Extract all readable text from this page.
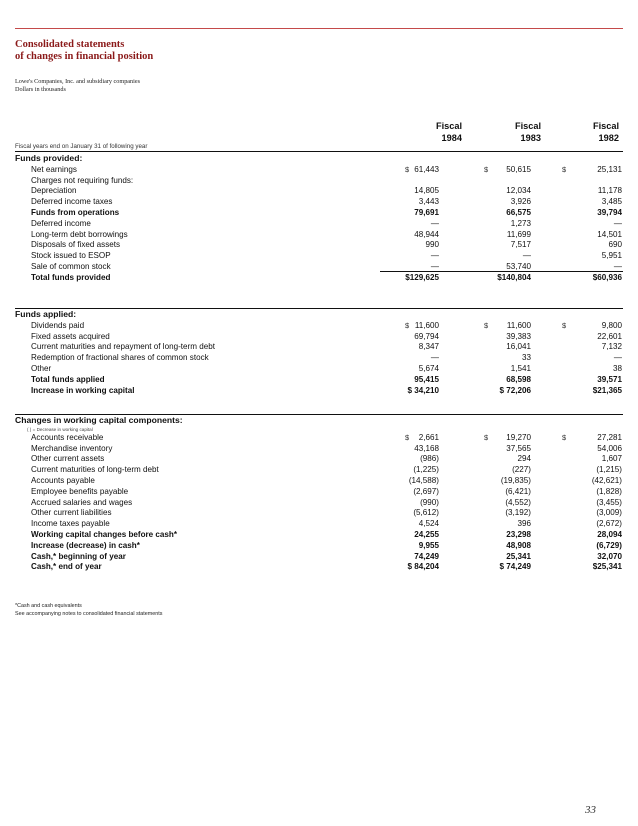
Consolidated statements
of changes in financial position
Lowe's Companies, Inc. and subsidiary companies
Dollars in thousands
Fiscal
1984
Fiscal
1983
Fiscal
1982
Fiscal years end on January 31 of following year
Funds provided:
Net earnings	$ 61,443	$	50,615	$	25,131
Charges not requiring funds:
Depreciation	14,805	12,034	11,178
Deferred income taxes	3,443	3,926	3,485
Funds from operations	79,691	66,575	39,794
Deferred income	—	1,273	—
Long-term debt borrowings	48,944	11,699	14,501
Disposals of fixed assets	990	7,517	690
Stock issued to ESOP	—	—	5,951
Sale of common stock	—	53,740	—
Total funds provided	$129,625	$140,804	$60,936
Funds applied:
Dividends paid	$ 11,600	$	11,600	$	9,800
Fixed assets acquired	69,794	39,383	22,601
Current maturities and repayment of long-term debt	8,347	16,041	7,132
Redemption of fractional shares of common stock	—	33	—
Other	5,674	1,541	38
Total funds applied	95,415	68,598	39,571
Increase in working capital	$ 34,210	$ 72,206	$21,365
Changes in working capital components:
Accounts receivable	$	2,661	$	19,270	$	27,281
Merchandise inventory	43,168	37,565	54,006
Other current assets	(986)	294	1,607
Current maturities of long-term debt	(1,225)	(227)	(1,215)
Accounts payable	(14,588)	(19,835)	(42,621)
Employee benefits payable	(2,697)	(6,421)	(1,828)
Accrued salaries and wages	(990)	(4,552)	(3,455)
Other current liabilities	(5,612)	(3,192)	(3,009)
Income taxes payable	4,524	396	(2,672)
Working capital changes before cash*	24,255	23,298	28,094
Increase (decrease) in cash*	9,955	48,908	(6,729)
Cash,* beginning of year	74,249	25,341	32,070
Cash,* end of year	$ 84,204	$ 74,249	$25,341
( ) = Decrease in working capital
*Cash and cash equivalents
See accompanying notes to consolidated financial statements
33
